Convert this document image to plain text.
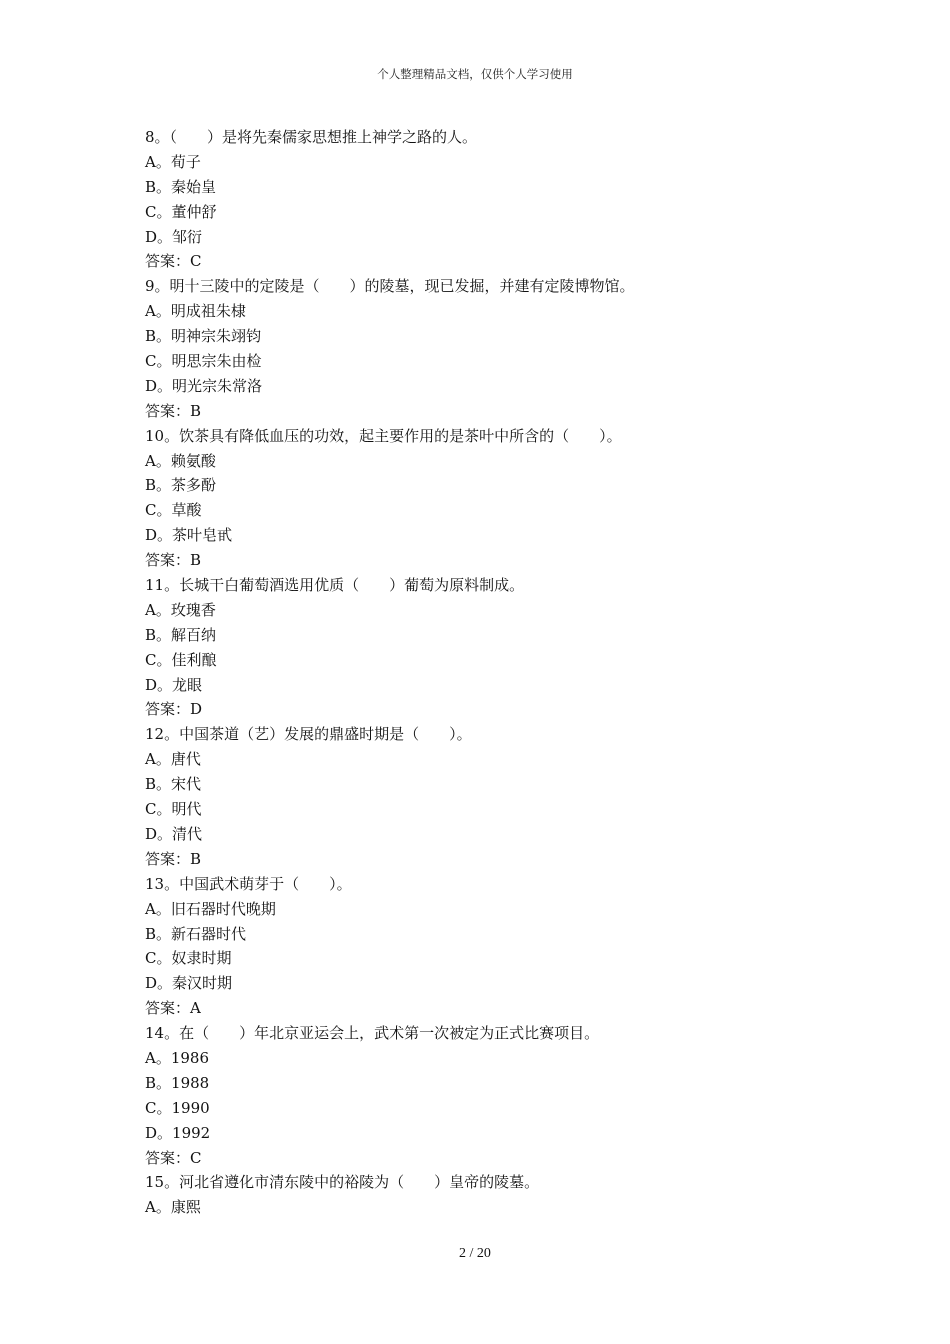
个人整理精品文档，仅供个人学习使用
8。（　　）是将先秦儒家思想推上神学之路的人。
A。荀子
B。秦始皇
C。董仲舒
D。邹衍
答案：C
9。明十三陵中的定陵是（　　）的陵墓，现已发掘，并建有定陵博物馆。
A。明成祖朱棣
B。明神宗朱翊钧
C。明思宗朱由检
D。明光宗朱常洛
答案：B
10。饮茶具有降低血压的功效，起主要作用的是茶叶中所含的（　　）。
A。赖氨酸
B。茶多酚
C。草酸
D。茶叶皂甙
答案：B
11。长城干白葡萄酒选用优质（　　）葡萄为原料制成。
A。玫瑰香
B。解百纳
C。佳利酿
D。龙眼
答案：D
12。中国茶道（艺）发展的鼎盛时期是（　　）。
A。唐代
B。宋代
C。明代
D。清代
答案：B
13。中国武术萌芽于（　　）。
A。旧石器时代晚期
B。新石器时代
C。奴隶时期
D。秦汉时期
答案：A
14。在（　　）年北京亚运会上，武术第一次被定为正式比赛项目。
A。1986
B。1988
C。1990
D。1992
答案：C
15。河北省遵化市清东陵中的裕陵为（　　）皇帝的陵墓。
A。康熙
2 / 20
